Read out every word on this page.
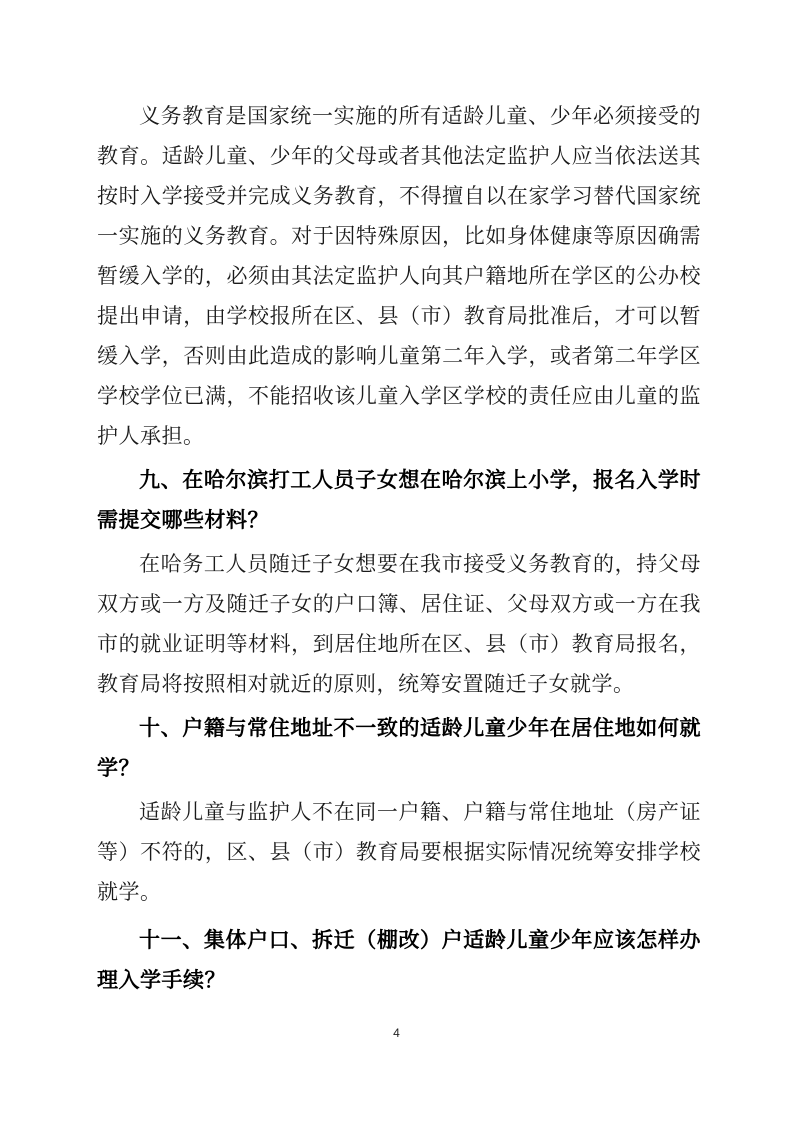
义务教育是国家统一实施的所有适龄儿童、少年必须接受的教育。适龄儿童、少年的父母或者其他法定监护人应当依法送其按时入学接受并完成义务教育，不得擅自以在家学习替代国家统一实施的义务教育。对于因特殊原因，比如身体健康等原因确需暂缓入学的，必须由其法定监护人向其户籍地所在学区的公办校提出申请，由学校报所在区、县（市）教育局批准后，才可以暂缓入学，否则由此造成的影响儿童第二年入学，或者第二年学区学校学位已满，不能招收该儿童入学区学校的责任应由儿童的监护人承担。

九、在哈尔滨打工人员子女想在哈尔滨上小学，报名入学时需提交哪些材料？

在哈务工人员随迁子女想要在我市接受义务教育的，持父母双方或一方及随迁子女的户口簿、居住证、父母双方或一方在我市的就业证明等材料，到居住地所在区、县（市）教育局报名，教育局将按照相对就近的原则，统筹安置随迁子女就学。

十、户籍与常住地址不一致的适龄儿童少年在居住地如何就学？

适龄儿童与监护人不在同一户籍、户籍与常住地址（房产证等）不符的，区、县（市）教育局要根据实际情况统筹安排学校就学。

十一、集体户口、拆迁（棚改）户适龄儿童少年应该怎样办理入学手续？

4
